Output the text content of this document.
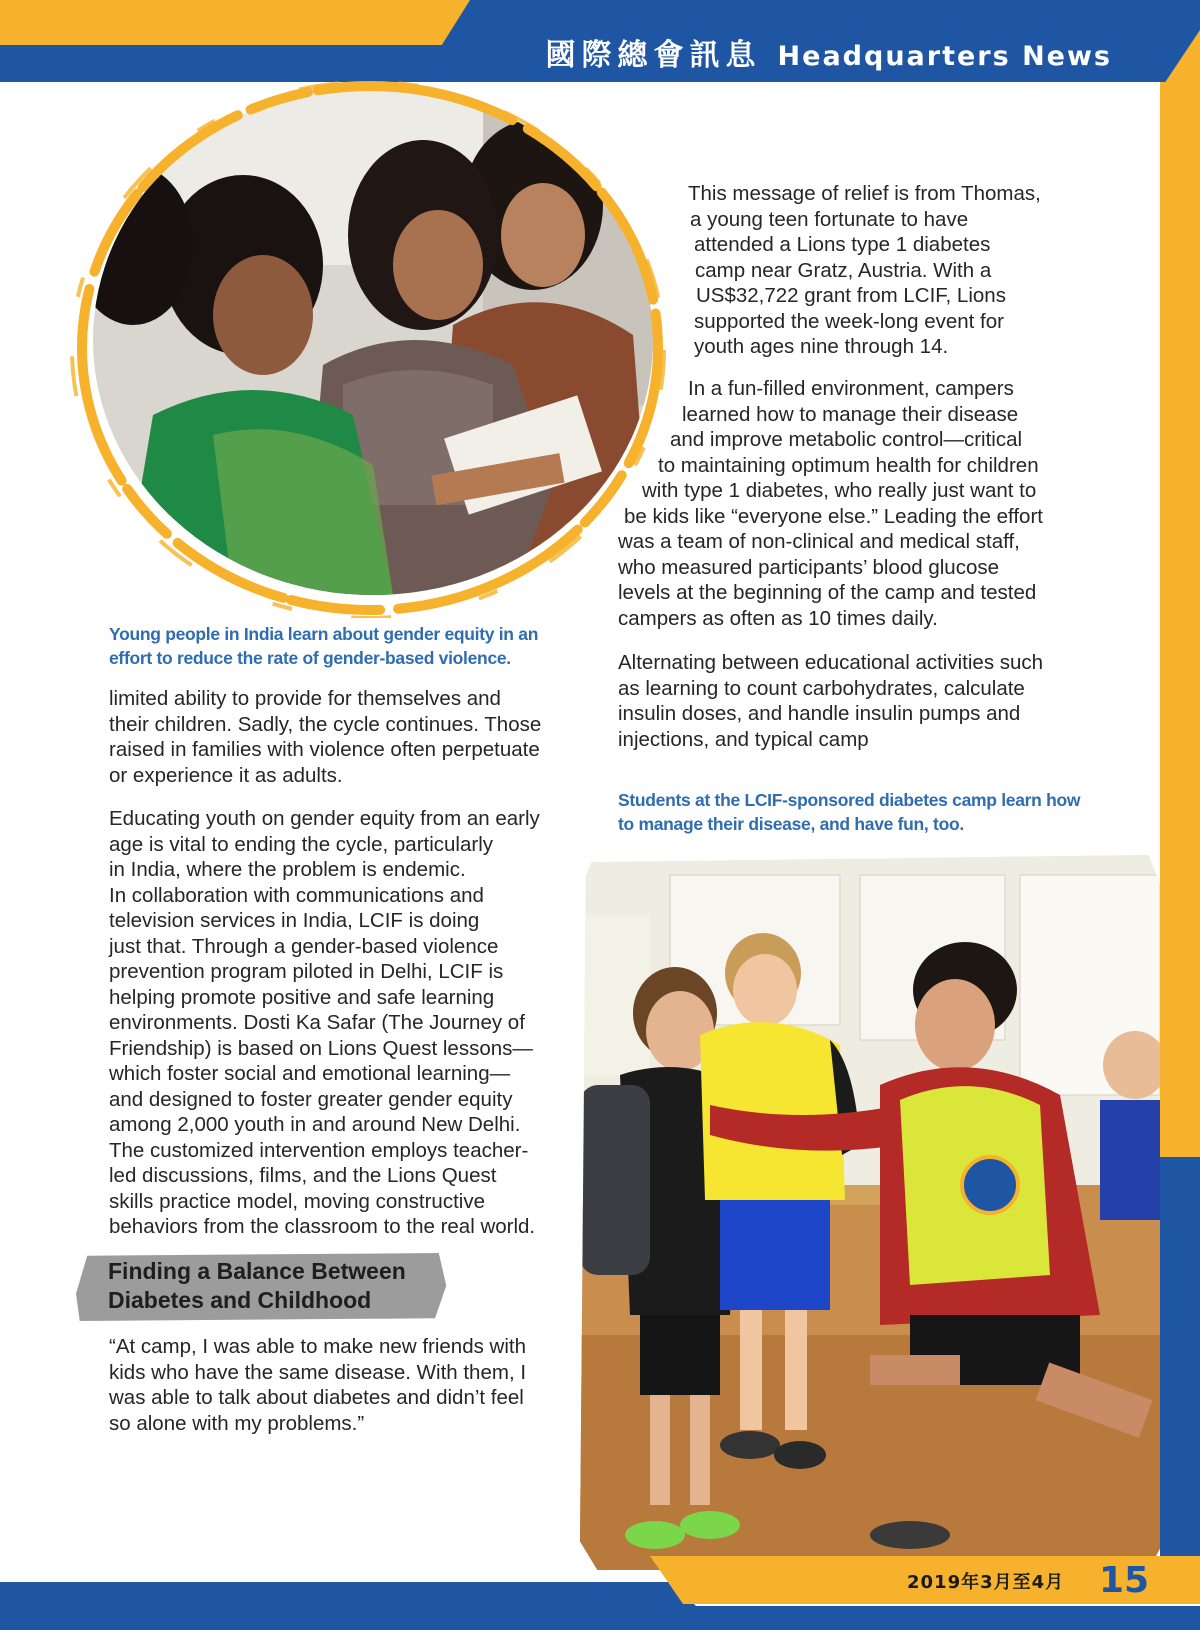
國際總會訊息 Headquarters News
Young people in India learn about gender equity in an
effort to reduce the rate of gender-based violence.
This message of relief is from Thomas,
a young teen fortunate to have
attended a Lions type 1 diabetes
camp near Gratz, Austria. With a
US$32,722 grant from LCIF, Lions
supported the week-long event for
youth ages nine through 14.
In a fun-filled environment, campers
learned how to manage their disease
and improve metabolic control—critical
to maintaining optimum health for children
with type 1 diabetes, who really just want to
be kids like “everyone else.” Leading the effort
was a team of non-clinical and medical staff,
who measured participants’ blood glucose
levels at the beginning of the camp and tested
campers as often as 10 times daily.
Alternating between educational activities such
as learning to count carbohydrates, calculate
insulin doses, and handle insulin pumps and
injections, and typical camp
Students at the LCIF-sponsored diabetes camp learn how
to manage their disease, and have fun, too.
limited ability to provide for themselves and
their children. Sadly, the cycle continues. Those
raised in families with violence often perpetuate
or experience it as adults.
Educating youth on gender equity from an early
age is vital to ending the cycle, particularly
in India, where the problem is endemic.
In collaboration with communications and
television services in India, LCIF is doing
just that. Through a gender-based violence
prevention program piloted in Delhi, LCIF is
helping promote positive and safe learning
environments. Dosti Ka Safar (The Journey of
Friendship) is based on Lions Quest lessons—
which foster social and emotional learning—
and designed to foster greater gender equity
among 2,000 youth in and around New Delhi.
The customized intervention employs teacher-
led discussions, films, and the Lions Quest
skills practice model, moving constructive
behaviors from the classroom to the real world.
Finding a Balance Between
Diabetes and Childhood
“At camp, I was able to make new friends with
kids who have the same disease. With them, I
was able to talk about diabetes and didn’t feel
so alone with my problems.”
2019年3月至4月 15
